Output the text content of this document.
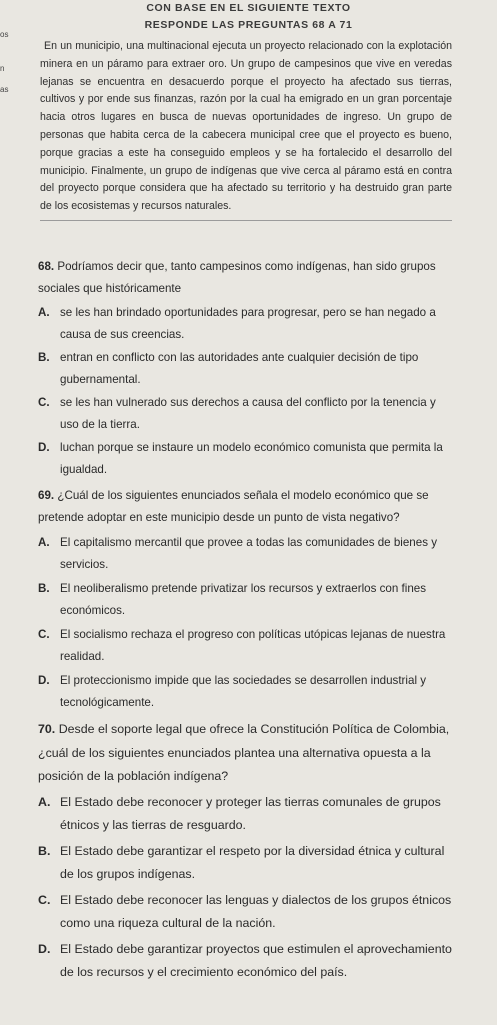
CON BASE EN EL SIGUIENTE TEXTO
RESPONDE LAS PREGUNTAS 68 A 71
os
n
as

En un municipio, una multinacional ejecuta un proyecto relacionado con la explotación minera en un páramo para extraer oro. Un grupo de campesinos que vive en veredas lejanas se encuentra en desacuerdo porque el proyecto ha afectado sus tierras, cultivos y por ende sus finanzas, razón por la cual ha emigrado en un gran porcentaje hacia otros lugares en busca de nuevas oportunidades de ingreso. Un grupo de personas que habita cerca de la cabecera municipal cree que el proyecto es bueno, porque gracias a este ha conseguido empleos y se ha fortalecido el desarrollo del municipio. Finalmente, un grupo de indígenas que vive cerca al páramo está en contra del proyecto porque considera que ha afectado su territorio y ha destruido gran parte de los ecosistemas y recursos naturales.

68. Podríamos decir que, tanto campesinos como indígenas, han sido grupos sociales que históricamente

A. se les han brindado oportunidades para progresar, pero se han negado a causa de sus creencias.
B. entran en conflicto con las autoridades ante cualquier decisión de tipo gubernamental.
C. se les han vulnerado sus derechos a causa del conflicto por la tenencia y uso de la tierra.
D. luchan porque se instaure un modelo económico comunista que permita la igualdad.

69. ¿Cuál de los siguientes enunciados señala el modelo económico que se pretende adoptar en este municipio desde un punto de vista negativo?

A. El capitalismo mercantil que provee a todas las comunidades de bienes y servicios.
B. El neoliberalismo pretende privatizar los recursos y extraerlos con fines económicos.
C. El socialismo rechaza el progreso con políticas utópicas lejanas de nuestra realidad.
D. El proteccionismo impide que las sociedades se desarrollen industrial y tecnológicamente.

70. Desde el soporte legal que ofrece la Constitución Política de Colombia, ¿cuál de los siguientes enunciados plantea una alternativa opuesta a la posición de la población indígena?

A. El Estado debe reconocer y proteger las tierras comunales de grupos étnicos y las tierras de resguardo.
B. El Estado debe garantizar el respeto por la diversidad étnica y cultural de los grupos indígenas.
C. El Estado debe reconocer las lenguas y dialectos de los grupos étnicos como una riqueza cultural de la nación.
D. El Estado debe garantizar proyectos que estimulen el aprovechamiento de los recursos y el crecimiento económico del país.
